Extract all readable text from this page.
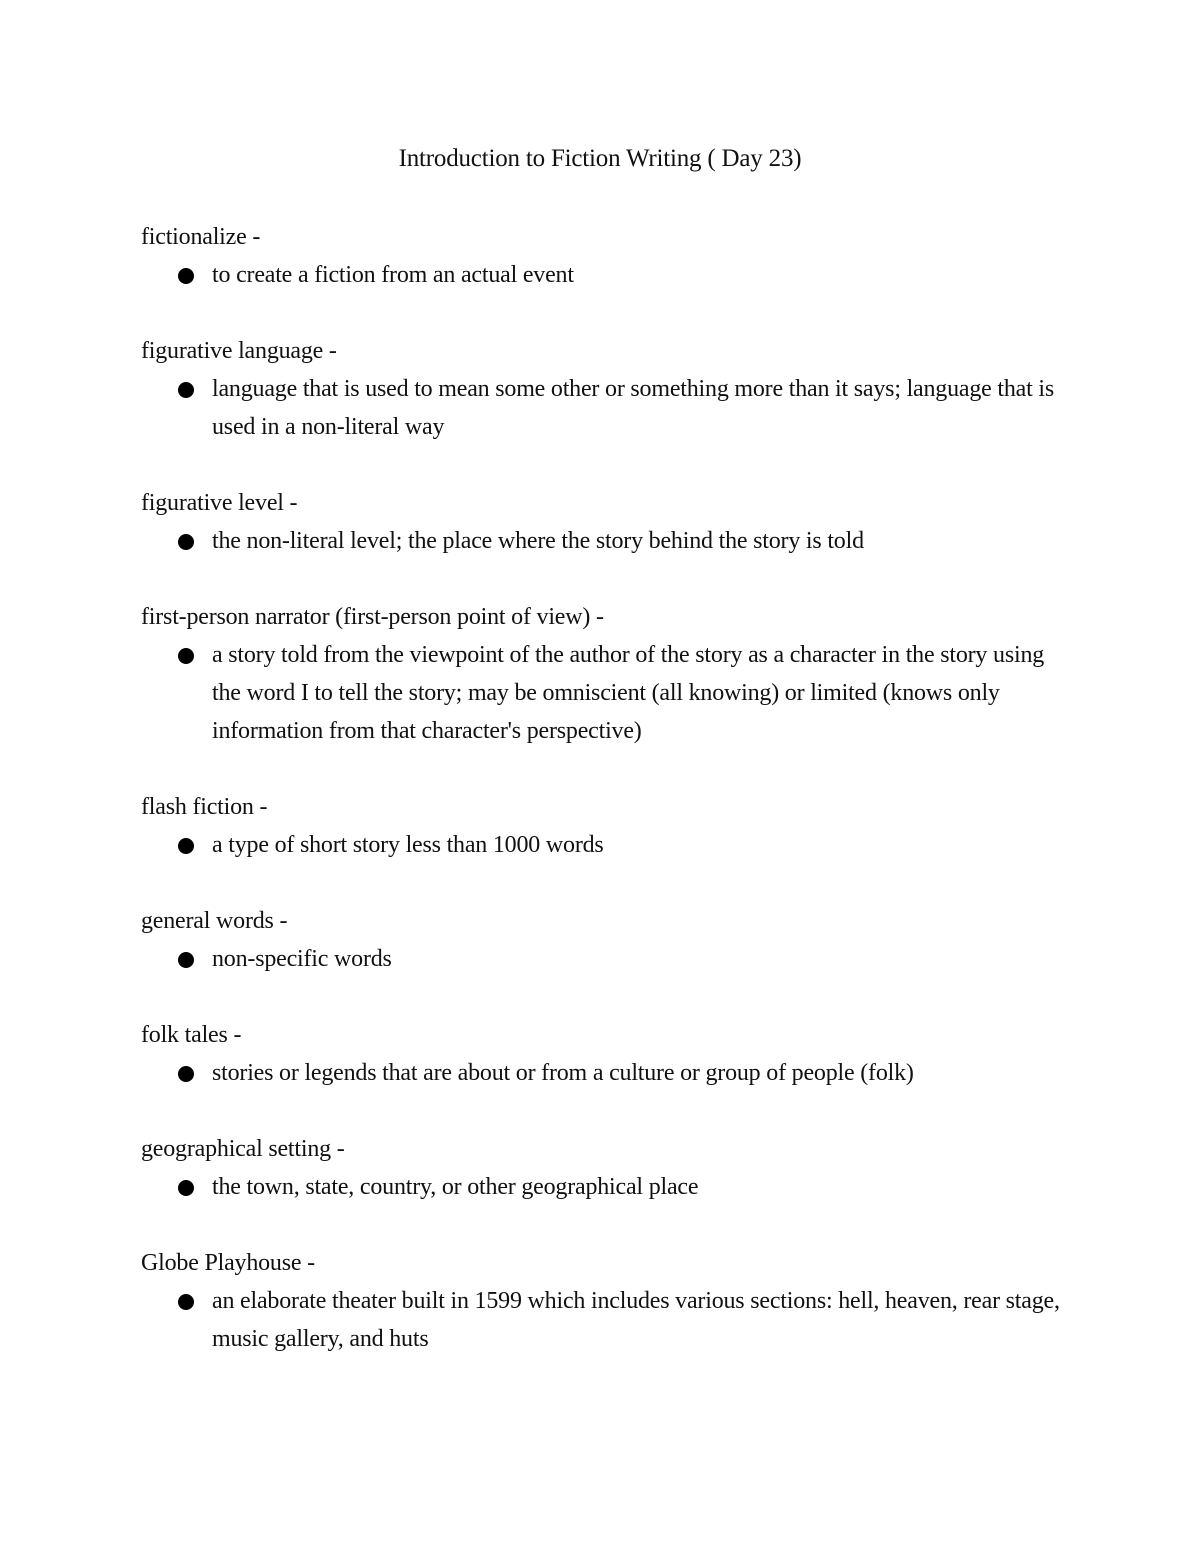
Introduction to Fiction Writing ( Day 23)
fictionalize -
to create a fiction from an actual event
figurative language -
language that is used to mean some other or something more than it says; language that is used in a non-literal way
figurative level -
the non-literal level; the place where the story behind the story is told
first-person narrator (first-person point of view) -
a story told from the viewpoint of the author of the story as a character in the story using the word I to tell the story; may be omniscient (all knowing) or limited (knows only information from that character's perspective)
flash fiction -
a type of short story less than 1000 words
general words -
non-specific words
folk tales -
stories or legends that are about or from a culture or group of people (folk)
geographical setting -
the town, state, country, or other geographical place
Globe Playhouse -
an elaborate theater built in 1599 which includes various sections: hell, heaven, rear stage, music gallery, and huts
